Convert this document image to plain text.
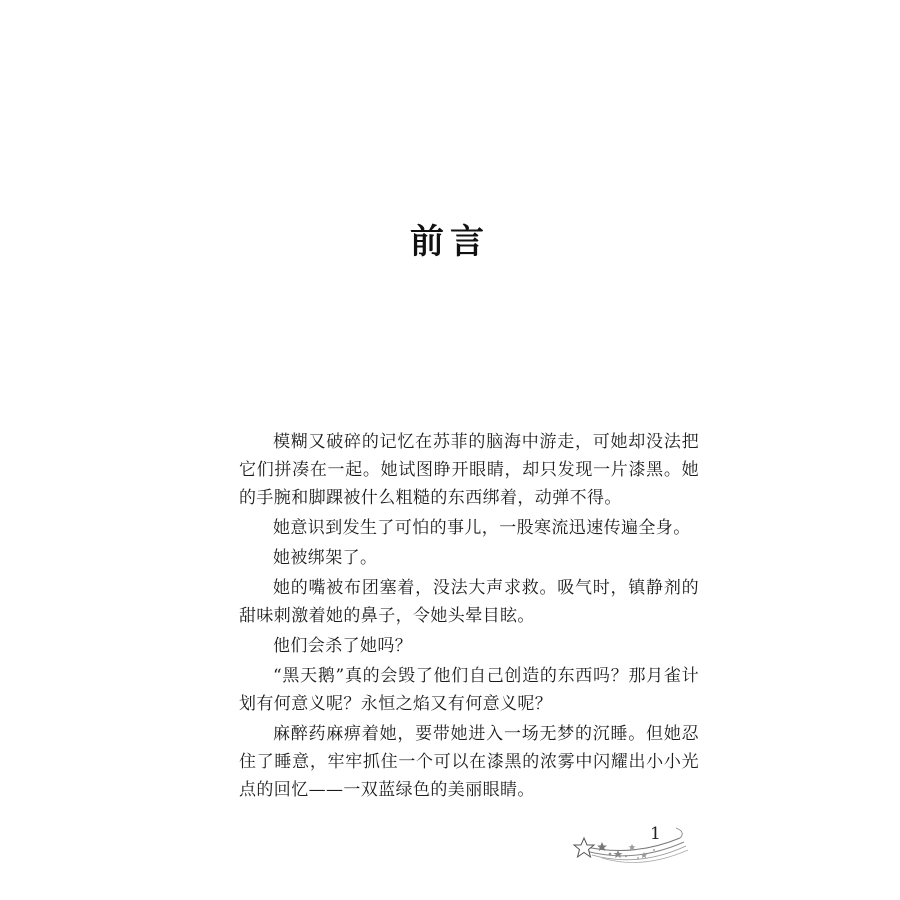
前言

模糊又破碎的记忆在苏菲的脑海中游走，可她却没法把它们拼凑在一起。她试图睁开眼睛，却只发现一片漆黑。她的手腕和脚踝被什么粗糙的东西绑着，动弹不得。

她意识到发生了可怕的事儿，一股寒流迅速传遍全身。

她被绑架了。

她的嘴被布团塞着，没法大声求救。吸气时，镇静剂的甜味刺激着她的鼻子，令她头晕目眩。

他们会杀了她吗？

“黑天鹅”真的会毁了他们自己创造的东西吗？那月雀计划有何意义呢？永恒之焰又有何意义呢？

麻醉药麻痹着她，要带她进入一场无梦的沉睡。但她忍住了睡意，牢牢抓住一个可以在漆黑的浓雾中闪耀出小小光点的回忆——一双蓝绿色的美丽眼睛。

1
